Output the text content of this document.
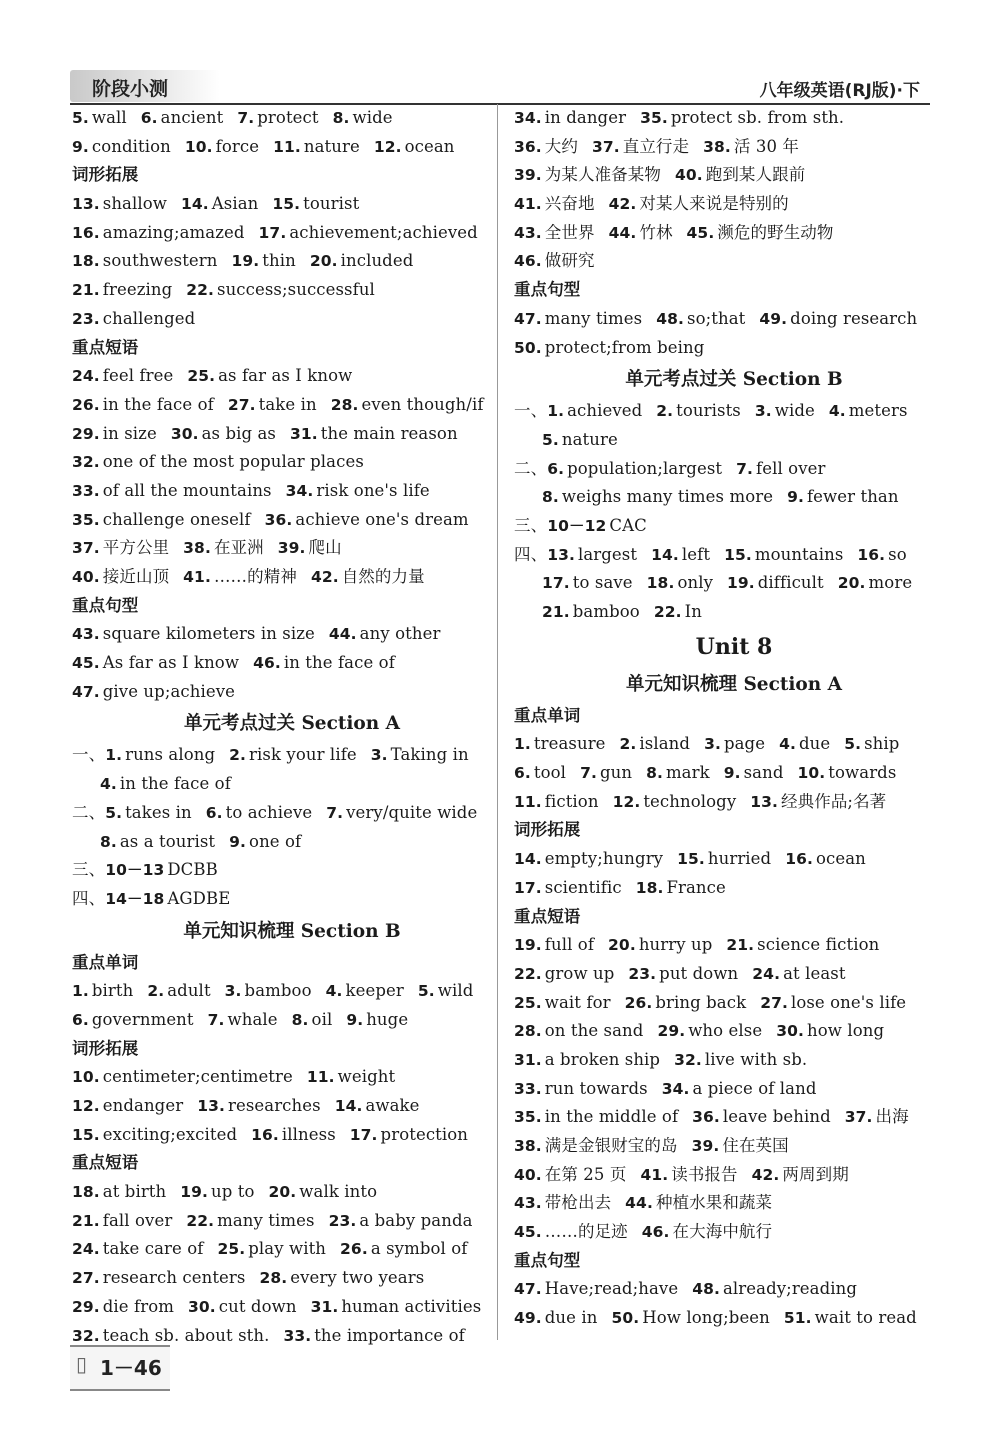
阶段小测	八年级英语(RJ版)·下
5. wall 6. ancient 7. protect 8. wide
9. condition 10. force 11. nature 12. ocean
词形拓展
13. shallow 14. Asian 15. tourist
16. amazing;amazed 17. achievement;achieved
18. southwestern 19. thin 20. included
21. freezing 22. success;successful
23. challenged
重点短语
24. feel free 25. as far as I know
26. in the face of 27. take in 28. even though/if
29. in size 30. as big as 31. the main reason
32. one of the most popular places
33. of all the mountains 34. risk one's life
35. challenge oneself 36. achieve one's dream
37. 平方公里 38. 在亚洲 39. 爬山
40. 接近山顶 41. ……的精神 42. 自然的力量
重点句型
43. square kilometers in size 44. any other
45. As far as I know 46. in the face of
47. give up;achieve
单元考点过关 Section A
一、1. runs along 2. risk your life 3. Taking in
4. in the face of
二、5. takes in 6. to achieve 7. very/quite wide
8. as a tourist 9. one of
三、10－13 DCBB
四、14－18 AGDBE
单元知识梳理 Section B
重点单词
1. birth 2. adult 3. bamboo 4. keeper 5. wild
6. government 7. whale 8. oil 9. huge
词形拓展
10. centimeter;centimetre 11. weight
12. endanger 13. researches 14. awake
15. exciting;excited 16. illness 17. protection
重点短语
18. at birth 19. up to 20. walk into
21. fall over 22. many times 23. a baby panda
24. take care of 25. play with 26. a symbol of
27. research centers 28. every two years
29. die from 30. cut down 31. human activities
32. teach sb. about sth. 33. the importance of
34. in danger 35. protect sb. from sth.
36. 大约 37. 直立行走 38. 活 30 年
39. 为某人准备某物 40. 跑到某人跟前
41. 兴奋地 42. 对某人来说是特别的
43. 全世界 44. 竹林 45. 濒危的野生动物
46. 做研究
重点句型
47. many times 48. so;that 49. doing research
50. protect;from being
单元考点过关 Section B
一、1. achieved 2. tourists 3. wide 4. meters
5. nature
二、6. population;largest 7. fell over
8. weighs many times more 9. fewer than
三、10－12 CAC
四、13. largest 14. left 15. mountains 16. so
17. to save 18. only 19. difficult 20. more
21. bamboo 22. In
Unit 8
单元知识梳理 Section A
重点单词
1. treasure 2. island 3. page 4. due 5. ship
6. tool 7. gun 8. mark 9. sand 10. towards
11. fiction 12. technology 13. 经典作品;名著
词形拓展
14. empty;hungry 15. hurried 16. ocean
17. scientific 18. France
重点短语
19. full of 20. hurry up 21. science fiction
22. grow up 23. put down 24. at least
25. wait for 26. bring back 27. lose one's life
28. on the sand 29. who else 30. how long
31. a broken ship 32. live with sb.
33. run towards 34. a piece of land
35. in the middle of 36. leave behind 37. 出海
38. 满是金银财宝的岛 39. 住在英国
40. 在第 25 页 41. 读书报告 42. 两周到期
43. 带枪出去 44. 种植水果和蔬菜
45. ……的足迹 46. 在大海中航行
重点句型
47. Have;read;have 48. already;reading
49. due in 50. How long;been 51. wait to read
▯ 1－46
